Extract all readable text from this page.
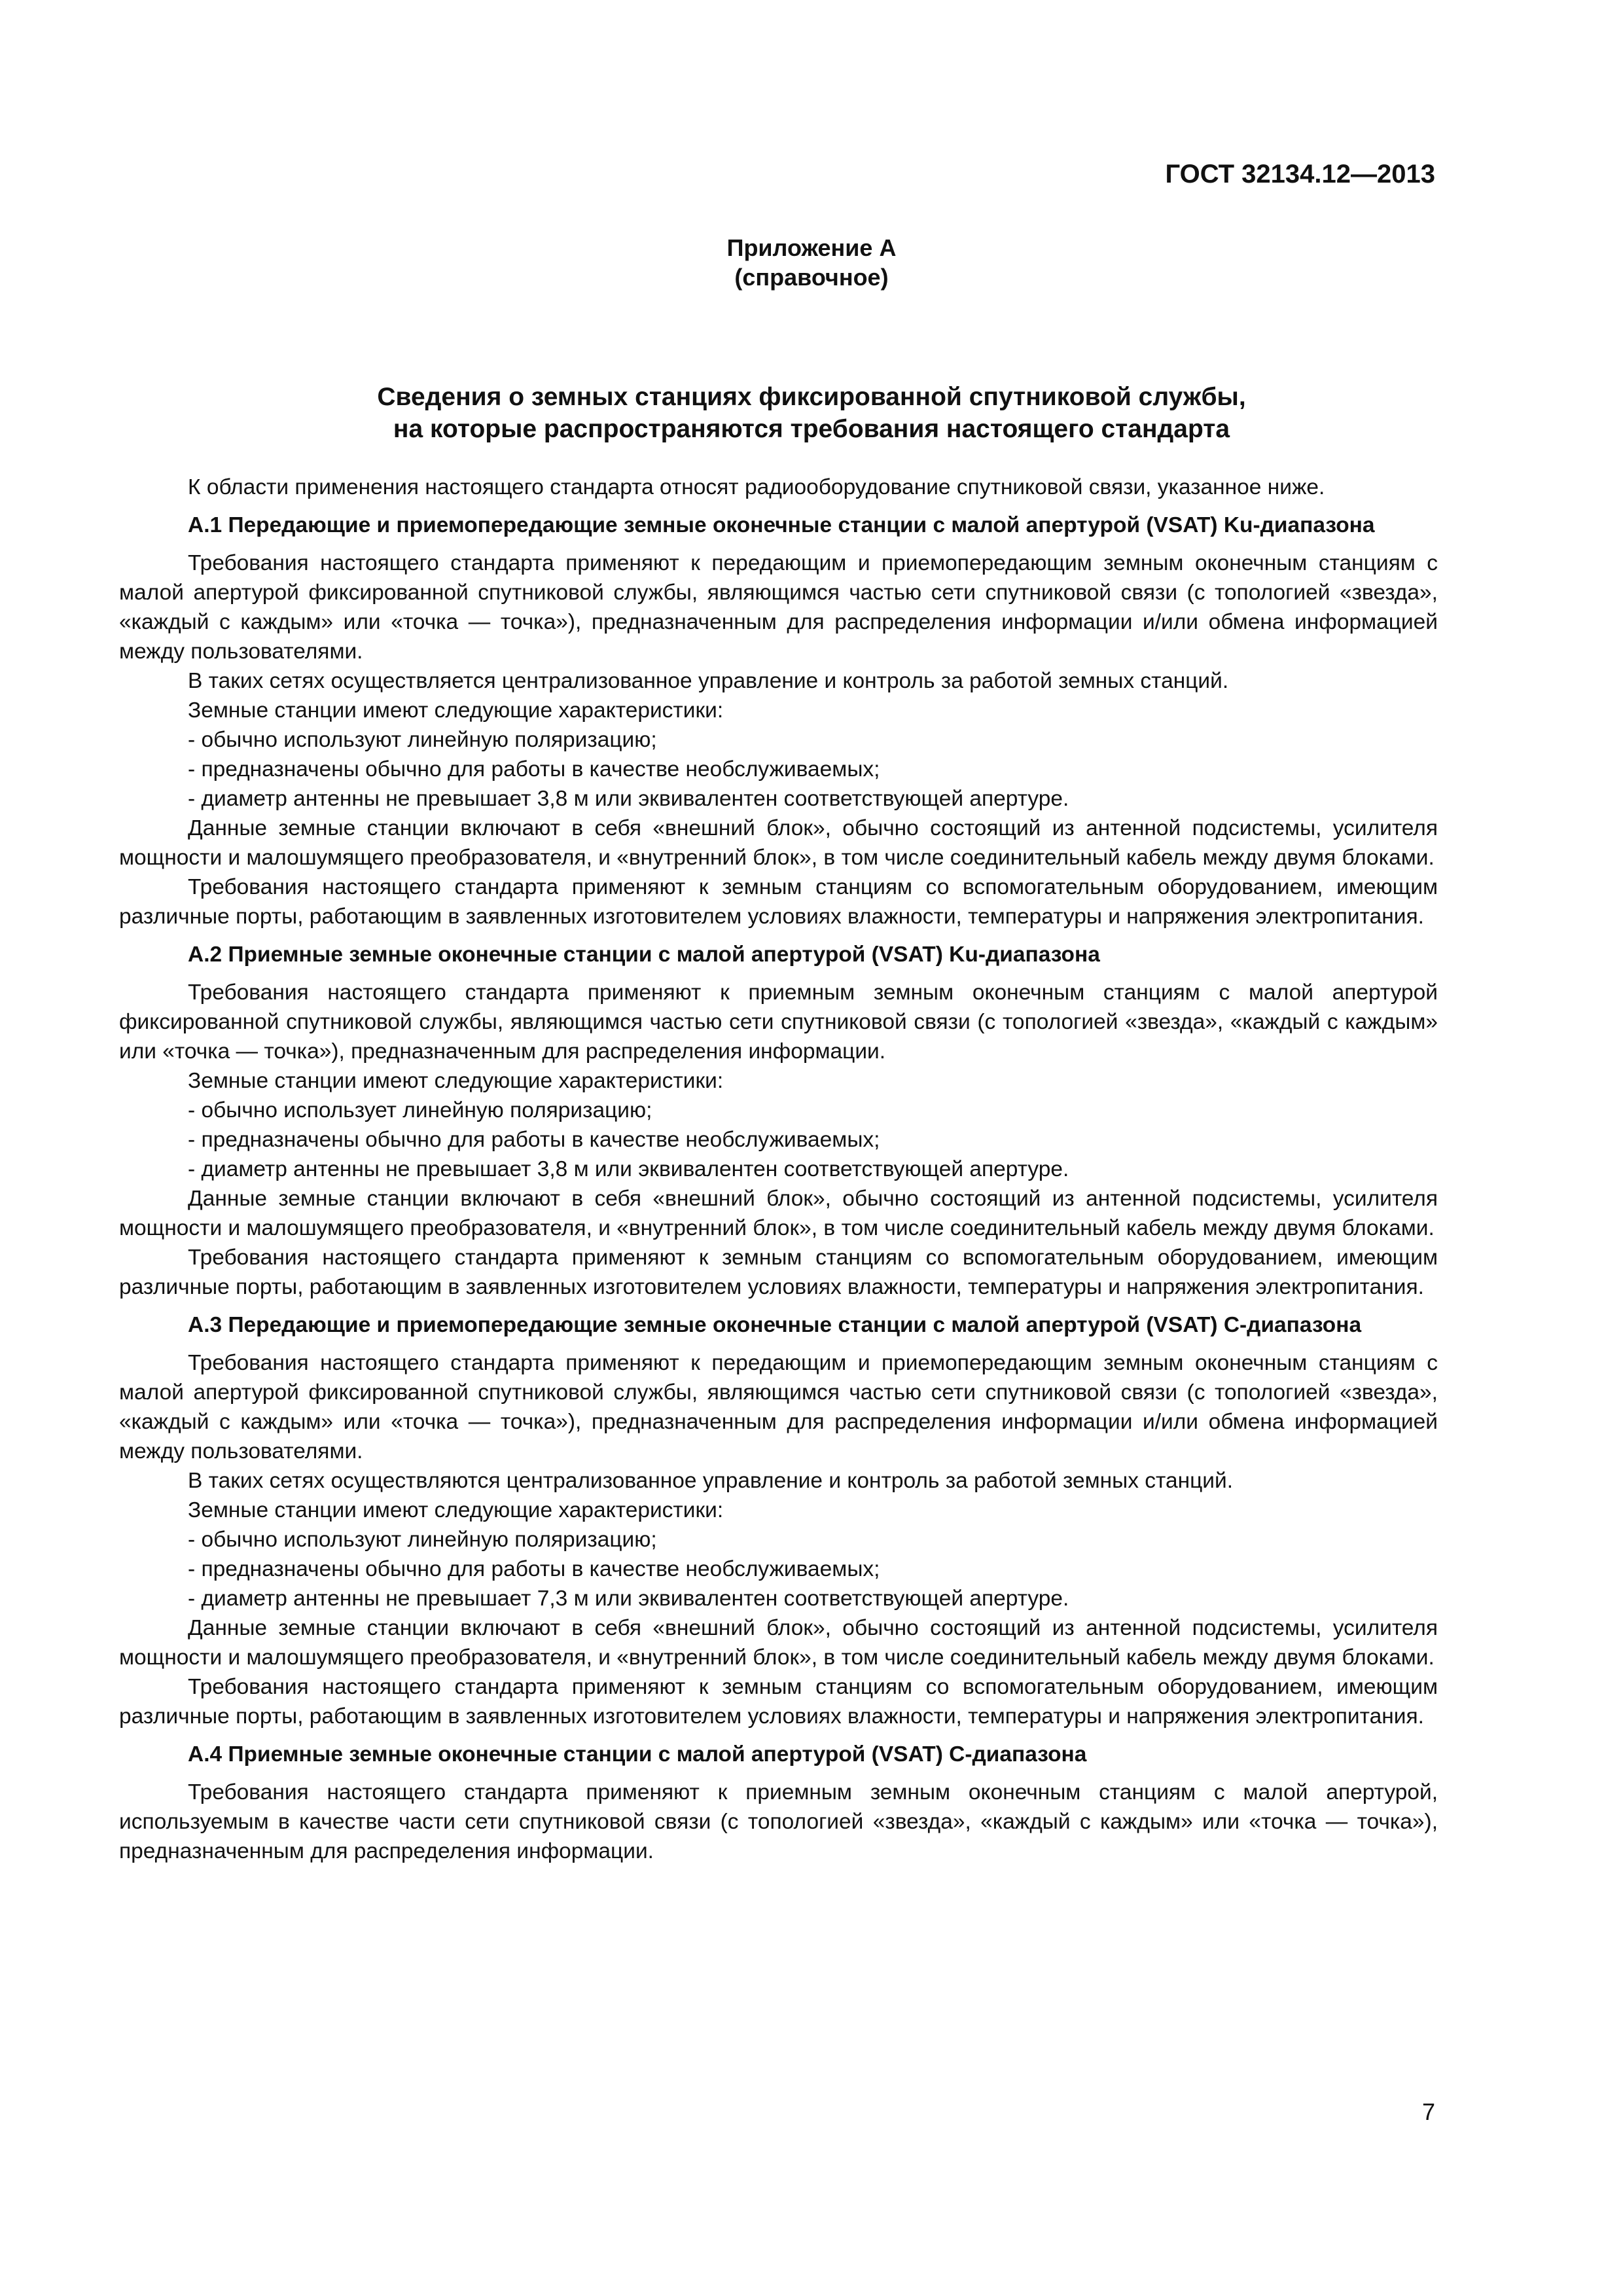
ГОСТ 32134.12—2013
Приложение А
(справочное)
Сведения о земных станциях фиксированной спутниковой службы,
на которые распространяются требования настоящего стандарта

К области применения настоящего стандарта относят радиооборудование спутниковой связи, указанное ниже.

А.1 Передающие и приемопередающие земные оконечные станции с малой апертурой (VSAT) Ku-диапазона

Требования настоящего стандарта применяют к передающим и приемопередающим земным оконечным станциям с малой апертурой фиксированной спутниковой службы, являющимся частью сети спутниковой связи (с топологией «звезда», «каждый с каждым» или «точка — точка»), предназначенным для распределения информации и/или обмена информацией между пользователями.

В таких сетях осуществляется централизованное управление и контроль за работой земных станций.

Земные станции имеют следующие характеристики:

- обычно используют линейную поляризацию;

- предназначены обычно для работы в качестве необслуживаемых;

- диаметр антенны не превышает 3,8 м или эквивалентен соответствующей апертуре.

Данные земные станции включают в себя «внешний блок», обычно состоящий из антенной подсистемы, усилителя мощности и малошумящего преобразователя, и «внутренний блок», в том числе соединительный кабель между двумя блоками.

Требования настоящего стандарта применяют к земным станциям со вспомогательным оборудованием, имеющим различные порты, работающим в заявленных изготовителем условиях влажности, температуры и напряжения электропитания.

А.2 Приемные земные оконечные станции с малой апертурой (VSAT) Ku-диапазона

Требования настоящего стандарта применяют к приемным земным оконечным станциям с малой апертурой фиксированной спутниковой службы, являющимся частью сети спутниковой связи (с топологией «звезда», «каждый с каждым» или «точка — точка»), предназначенным для распределения информации.

Земные станции имеют следующие характеристики:

- обычно использует линейную поляризацию;

- предназначены обычно для работы в качестве необслуживаемых;

- диаметр антенны не превышает 3,8 м или эквивалентен соответствующей апертуре.

Данные земные станции включают в себя «внешний блок», обычно состоящий из антенной подсистемы, усилителя мощности и малошумящего преобразователя, и «внутренний блок», в том числе соединительный кабель между двумя блоками.

Требования настоящего стандарта применяют к земным станциям со вспомогательным оборудованием, имеющим различные порты, работающим в заявленных изготовителем условиях влажности, температуры и напряжения электропитания.

А.3 Передающие и приемопередающие земные оконечные станции с малой апертурой (VSAT) С-диапазона

Требования настоящего стандарта применяют к передающим и приемопередающим земным оконечным станциям с малой апертурой фиксированной спутниковой службы, являющимся частью сети спутниковой связи (с топологией «звезда», «каждый с каждым» или «точка — точка»), предназначенным для распределения информации и/или обмена информацией между пользователями.

В таких сетях осуществляются централизованное управление и контроль за работой земных станций.

Земные станции имеют следующие характеристики:

- обычно используют линейную поляризацию;

- предназначены обычно для работы в качестве необслуживаемых;

- диаметр антенны не превышает 7,3 м или эквивалентен соответствующей апертуре.

Данные земные станции включают в себя «внешний блок», обычно состоящий из антенной подсистемы, усилителя мощности и малошумящего преобразователя, и «внутренний блок», в том числе соединительный кабель между двумя блоками.

Требования настоящего стандарта применяют к земным станциям со вспомогательным оборудованием, имеющим различные порты, работающим в заявленных изготовителем условиях влажности, температуры и напряжения электропитания.

А.4 Приемные земные оконечные станции с малой апертурой (VSAT) С-диапазона

Требования настоящего стандарта применяют к приемным земным оконечным станциям с малой апертурой, используемым в качестве части сети спутниковой связи (с топологией «звезда», «каждый с каждым» или «точка — точка»), предназначенным для распределения информации.

7
